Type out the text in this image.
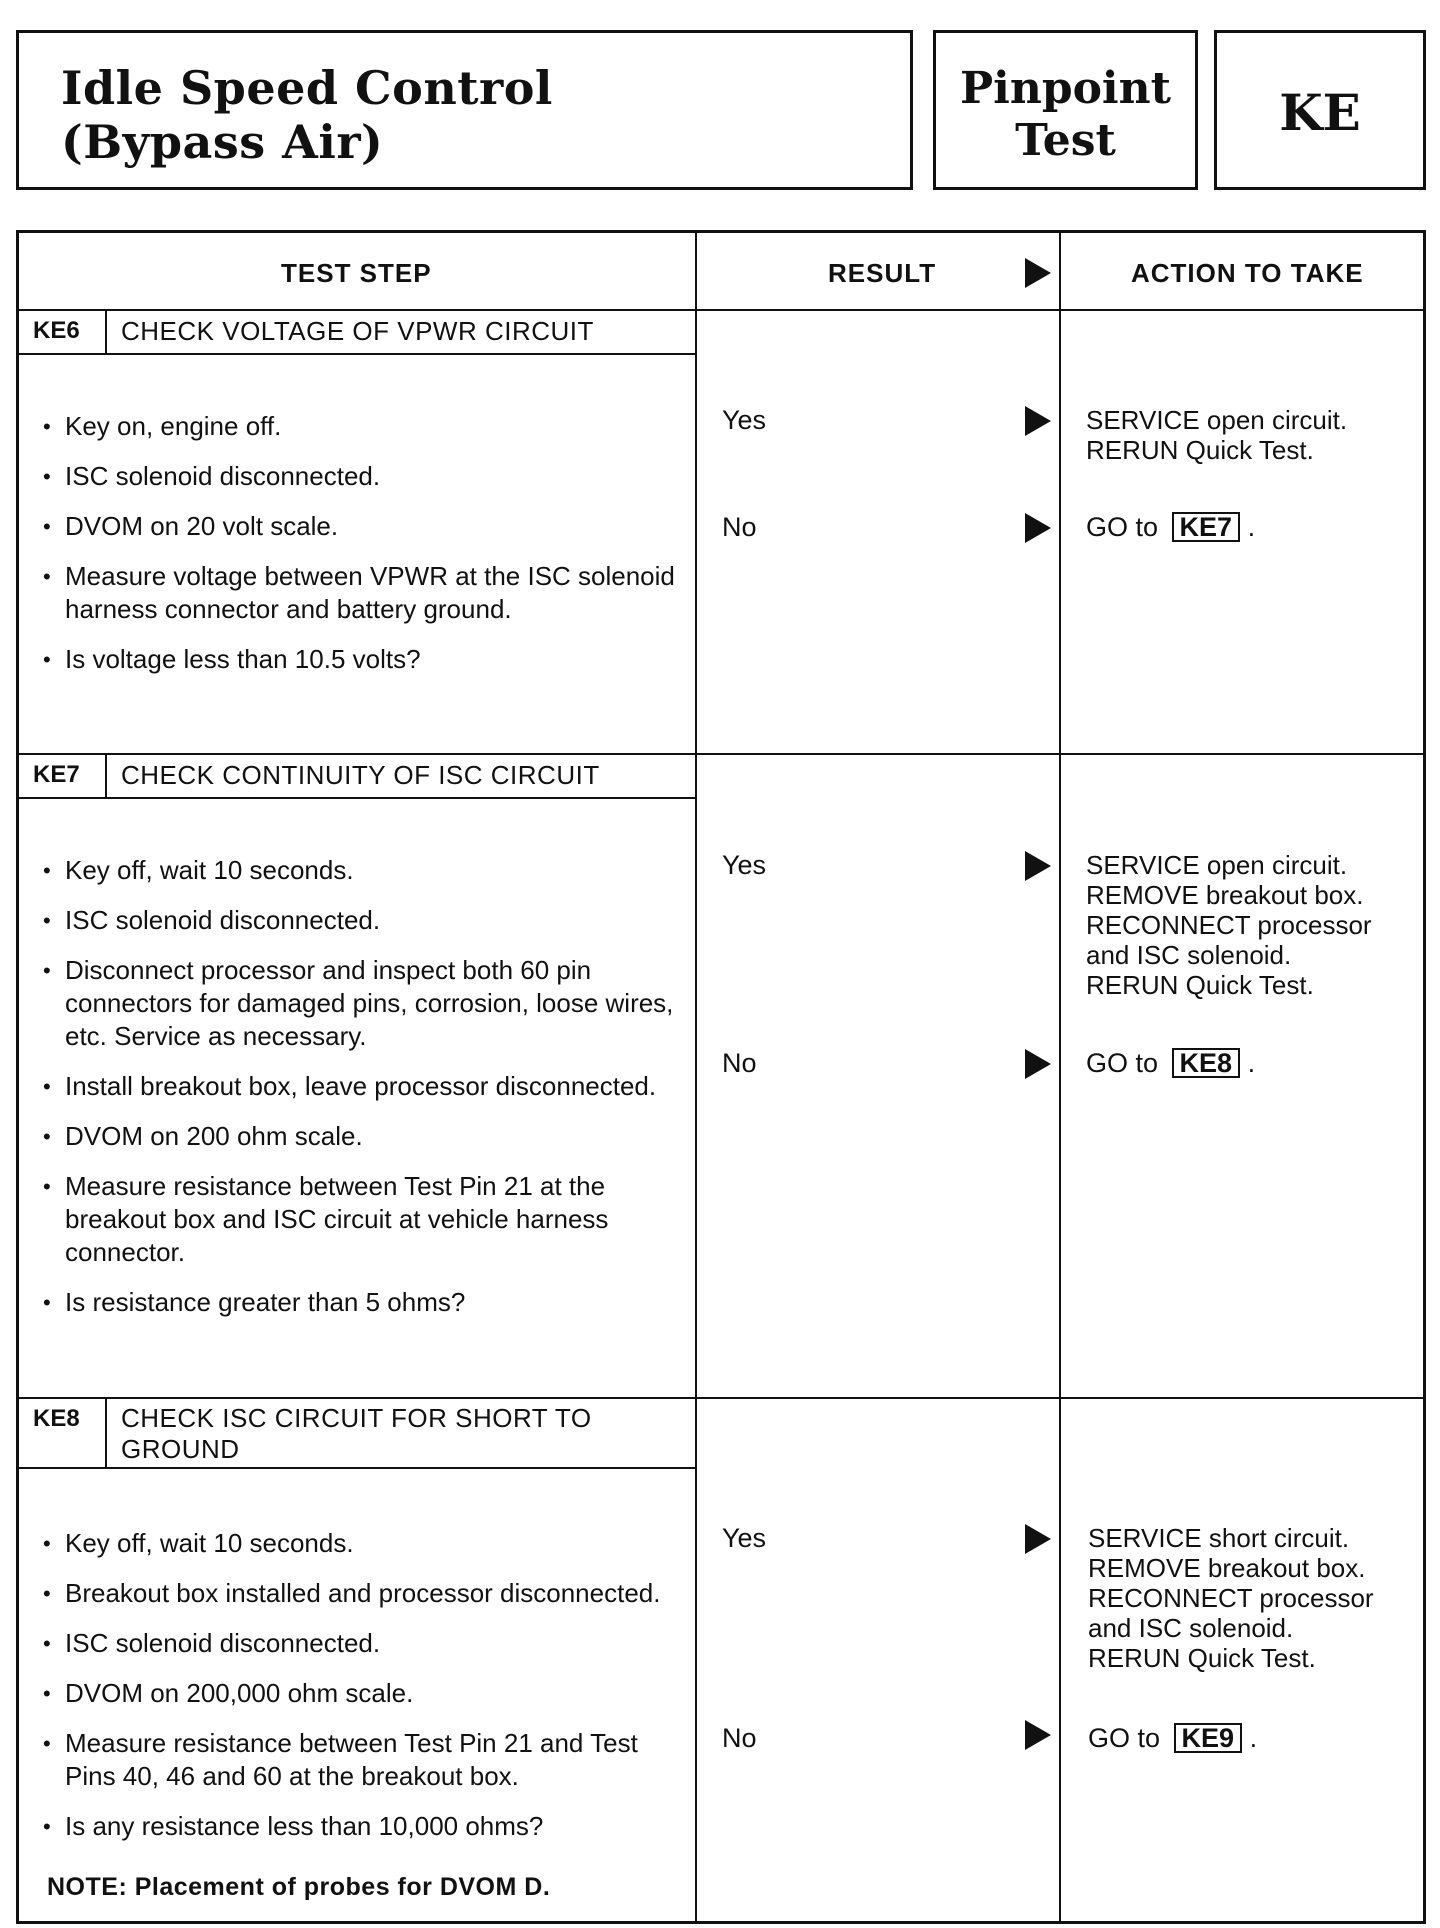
Idle Speed Control
(Bypass Air)
Pinpoint
Test	KE
TEST STEP	RESULT	ACTION TO TAKE
KE6	CHECK VOLTAGE OF VPWR CIRCUIT
• Key on, engine off.
• ISC solenoid disconnected.
• DVOM on 20 volt scale.
• Measure voltage between VPWR at the ISC solenoid harness connector and battery ground.
• Is voltage less than 10.5 volts?
Yes	SERVICE open circuit.
RERUN Quick Test.
No	GO to KE7 .
KE7	CHECK CONTINUITY OF ISC CIRCUIT
• Key off, wait 10 seconds.
• ISC solenoid disconnected.
• Disconnect processor and inspect both 60 pin connectors for damaged pins, corrosion, loose wires, etc. Service as necessary.
• Install breakout box, leave processor disconnected.
• DVOM on 200 ohm scale.
• Measure resistance between Test Pin 21 at the breakout box and ISC circuit at vehicle harness connector.
• Is resistance greater than 5 ohms?
Yes	SERVICE open circuit.
REMOVE breakout box.
RECONNECT processor
and ISC solenoid.
RERUN Quick Test.
No	GO to KE8 .
KE8	CHECK ISC CIRCUIT FOR SHORT TO
GROUND
• Key off, wait 10 seconds.
• Breakout box installed and processor disconnected.
• ISC solenoid disconnected.
• DVOM on 200,000 ohm scale.
• Measure resistance between Test Pin 21 and Test Pins 40, 46 and 60 at the breakout box.
• Is any resistance less than 10,000 ohms?
NOTE: Placement of probes for DVOM D.
Yes	SERVICE short circuit.
REMOVE breakout box.
RECONNECT processor
and ISC solenoid.
RERUN Quick Test.
No	GO to KE9 .
